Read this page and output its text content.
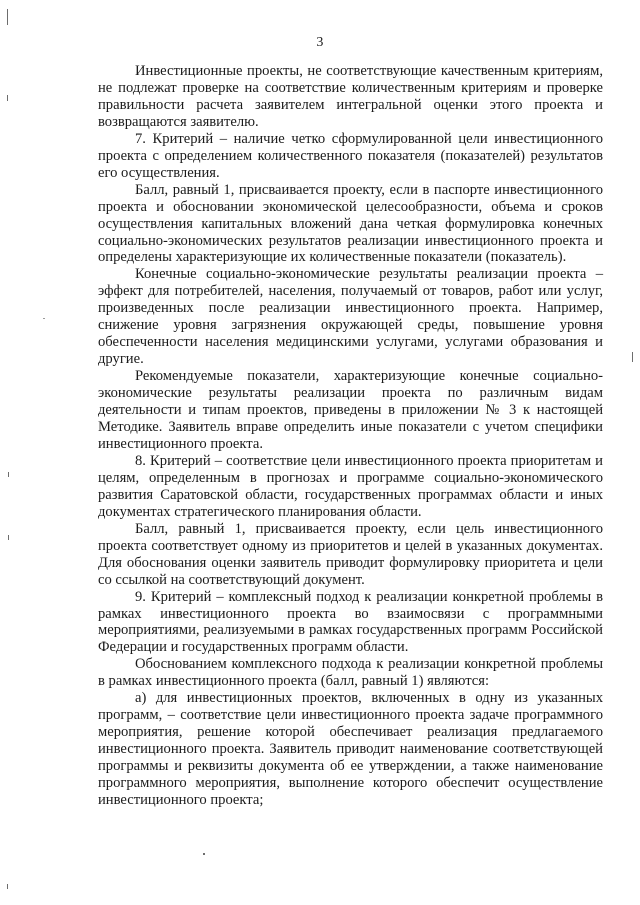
3

Инвестиционные проекты, не соответствующие качественным критериям, не подлежат проверке на соответствие количественным критериям и проверке правильности расчета заявителем интегральной оценки этого проекта и возвращаются заявителю.

7. Критерий – наличие четко сформулированной цели инвестиционного проекта с определением количественного показателя (показателей) результатов его осуществления.

Балл, равный 1, присваивается проекту, если в паспорте инвестиционного проекта и обосновании экономической целесообразности, объема и сроков осуществления капитальных вложений дана четкая формулировка конечных социально-экономических результатов реализации инвестиционного проекта и определены характеризующие их количественные показатели (показатель).

Конечные социально-экономические результаты реализации проекта – эффект для потребителей, населения, получаемый от товаров, работ или услуг, произведенных после реализации инвестиционного проекта. Например, снижение уровня загрязнения окружающей среды, повышение уровня обеспеченности населения медицинскими услугами, услугами образования и другие.

Рекомендуемые показатели, характеризующие конечные социально-экономические результаты реализации проекта по различным видам деятельности и типам проектов, приведены в приложении № 3 к настоящей Методике. Заявитель вправе определить иные показатели с учетом специфики инвестиционного проекта.

8. Критерий – соответствие цели инвестиционного проекта приоритетам и целям, определенным в прогнозах и программе социально-экономического развития Саратовской области, государственных программах области и иных документах стратегического планирования области.

Балл, равный 1, присваивается проекту, если цель инвестиционного проекта соответствует одному из приоритетов и целей в указанных документах. Для обоснования оценки заявитель приводит формулировку приоритета и цели со ссылкой на соответствующий документ.

9. Критерий – комплексный подход к реализации конкретной проблемы в рамках инвестиционного проекта во взаимосвязи с программными мероприятиями, реализуемыми в рамках государственных программ Российской Федерации и государственных программ области.

Обоснованием комплексного подхода к реализации конкретной проблемы в рамках инвестиционного проекта (балл, равный 1) являются:

а) для инвестиционных проектов, включенных в одну из указанных программ, – соответствие цели инвестиционного проекта задаче программного мероприятия, решение которой обеспечивает реализация предлагаемого инвестиционного проекта. Заявитель приводит наименование соответствующей программы и реквизиты документа об ее утверждении, а также наименование программного мероприятия, выполнение которого обеспечит осуществление инвестиционного проекта;
